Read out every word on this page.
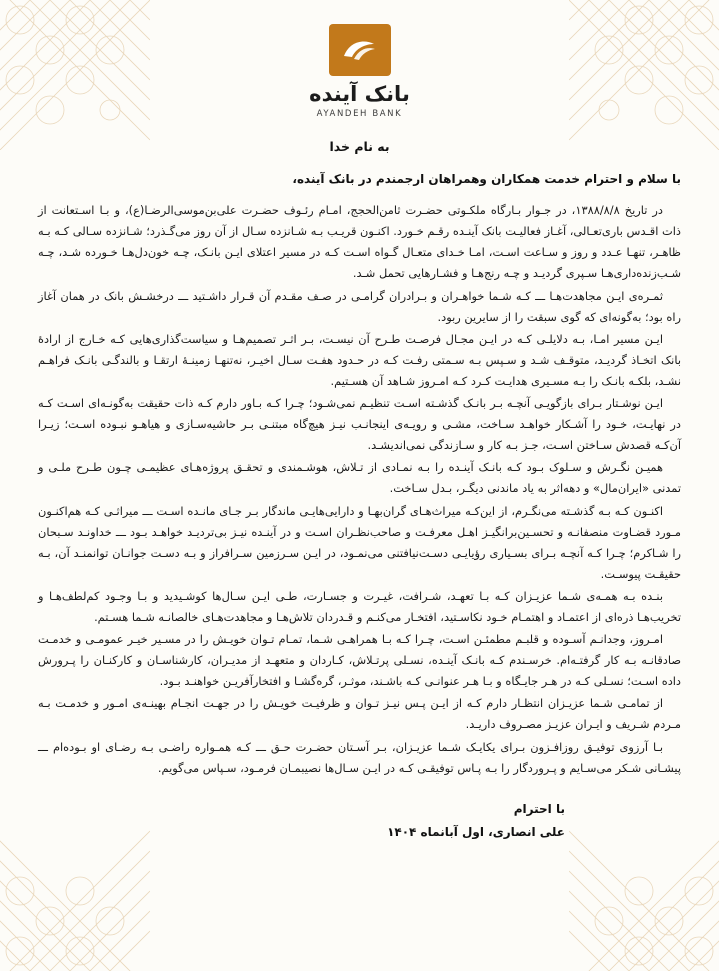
بانک آینده
AYANDEH BANK
به نام خدا
با سلام و احترام خدمت همکاران وهمراهان ارجمندم در بانک آینده،

در تاریخ ۱۳۸۸/۸/۸، در جـوار بـارگاه ملکـوتی حضـرت ثامن‌الحجج، امـام رئـوف حضـرت علی‌بن‌موسی‌الرضـا(ع)، و بـا اسـتعانت از ذات اقـدس باری‌تعـالی، آغـاز فعالیـت بانک آینـده رقـم خـورد. اکنـون قریـب بـه شـانزده سـال از آن روز می‌گـذرد؛ شـانزده سـالی کـه بـه ظاهـر، تنهـا عـدد و روز و سـاعت اسـت، امـا خـدای متعـال گـواه اسـت کـه در مسیر اعتلای ایـن بانـک، چـه خون‌دل‌هـا خـورده شـد، چـه شـب‌زنده‌داری‌هـا سـپری گردیـد و چـه رنج‌هـا و فشـارهایی تحمل شـد.

ثمـره‌ی ایـن مجاهدت‌هـا ـــ کـه شـما خواهـران و بـرادران گرامـی در صـف مقـدم آن قـرار داشـتید ـــ درخشـش بانک در همان آغاز راه بود؛ به‌گونه‌ای که گوی سبقت را از سایرین ربود.

ایـن مسیر امـا، بـه دلایلـی کـه در ایـن مجـال فرصـت طـرح آن نیسـت، بـر اثـر تصمیم‌هـا و سیاست‌گذاری‌هایی کـه خـارج از ارادهٔ بانک اتخـاذ گردیـد، متوقـف شـد و سـپس بـه سـمتی رفـت کـه در حـدود هفـت سـال اخیـر، نه‌تنهـا زمینـهٔ ارتقـا و بالندگـی بانـک فراهـم نشـد، بلکـه بانـک را بـه مسـیری هدایـت کـرد کـه امـروز شـاهد آن هسـتیم.

ایـن نوشـتار بـرای بازگویـی آنچـه بـر بانـک گذشـته اسـت تنظیـم نمی‌شـود؛ چـرا کـه بـاور دارم کـه ذات حقیقت به‌گونـه‌ای اسـت کـه در نهایـت، خـود را آشـکار خواهـد سـاخت، مشـی و رویـه‌ی اینجانـب نیـز هیچ‌گاه مبتنـی بـر حاشیه‌سـازی و هیاهـو نبـوده اسـت؛ زیـرا آن‌کـه قصدش سـاختن اسـت، جـز بـه کار و سـازندگی نمی‌اندیشـد.

همیـن نگـرش و سـلوک بـود کـه بانـک آینـده را بـه نمـادی از تـلاش، هوشـمندی و تحقـق پروژه‌هـای عظیمـی چـون طـرح ملـی و تمدنی «ایران‌مال» و دهه‌اثر به یاد ماندنی دیگـر، بـدل سـاخت.

اکنـون کـه بـه گذشـته می‌نگـرم، از این‌کـه میراث‌هـای گران‌بهـا و دارایی‌هایـی ماندگار بـر جـای مانـده اسـت ـــ میراثـی کـه هم‌اکنـون مـورد قضـاوت منصفانـه و تحسـین‌برانگیـز اهـل معرفـت و صاحب‌نظـران اسـت و در آینـده نیـز بی‌تردیـد خواهـد بـود ـــ خداونـد سـبحان را شـاکرم؛ چـرا کـه آنچـه بـرای بسـیاری رؤیایـی دسـت‌نیافتنی می‌نمـود، در ایـن سـرزمین سـرافراز و بـه دسـت جوانـان توانمنـد آن، بـه حقیقـت پیوسـت.

بنـده بـه همـه‌ی شـما عزیـزان کـه بـا تعهـد، شـرافت، غیـرت و جسـارت، طـی ایـن سـال‌ها کوشـیدید و بـا وجـود کم‌لطف‌هـا و تخریب‌هـا ذره‌ای از اعتمـاد و اهتمـام خـود نکاسـتید، افتخـار می‌کنـم و قـدردان تلاش‌هـا و مجاهدت‌هـای خالصانـه شـما هسـتم.

امـروز، وجدانـم آسـوده و قلبـم مطمئـن اسـت، چـرا کـه بـا همراهـی شـما، تمـام تـوان خویـش را در مسـیر خیـر عمومـی و خدمـت صادقانـه بـه کار گرفتـه‌ام. خرسـندم کـه بانـک آینـده، نسـلی پرتـلاش، کـاردان و متعهـد از مدیـران، کارشناسـان و کارکنـان را پـرورش داده اسـت؛ نسـلی کـه در هـر جایـگاه و بـا هـر عنوانـی کـه باشـند، موثـر، گره‌گشـا و افتخارآفریـن خواهنـد بـود.

از تمامـی شـما عزیـزان انتظـار دارم کـه از ایـن پـس نیـز تـوان و ظرفیـت خویـش را در جهـت انجـام بهینـه‌ی امـور و خدمـت بـه مـردم شـریف و ایـران عزیـز مصـروف داریـد.

بـا آرزوی توفیـق روزافـزون بـرای یکایـک شـما عزیـزان، بـر آسـتان حضـرت حـق ـــ کـه همـواره راضـی بـه رضـای او بـوده‌ام ـــ پیشـانی شـکر می‌سـایم و پـروردگار را بـه پـاس توفیقـی کـه در ایـن سـال‌ها نصیبمـان فرمـود، سـپاس می‌گویم.

با احترام
علی انصاری، اول آبانماه ۱۴۰۴
